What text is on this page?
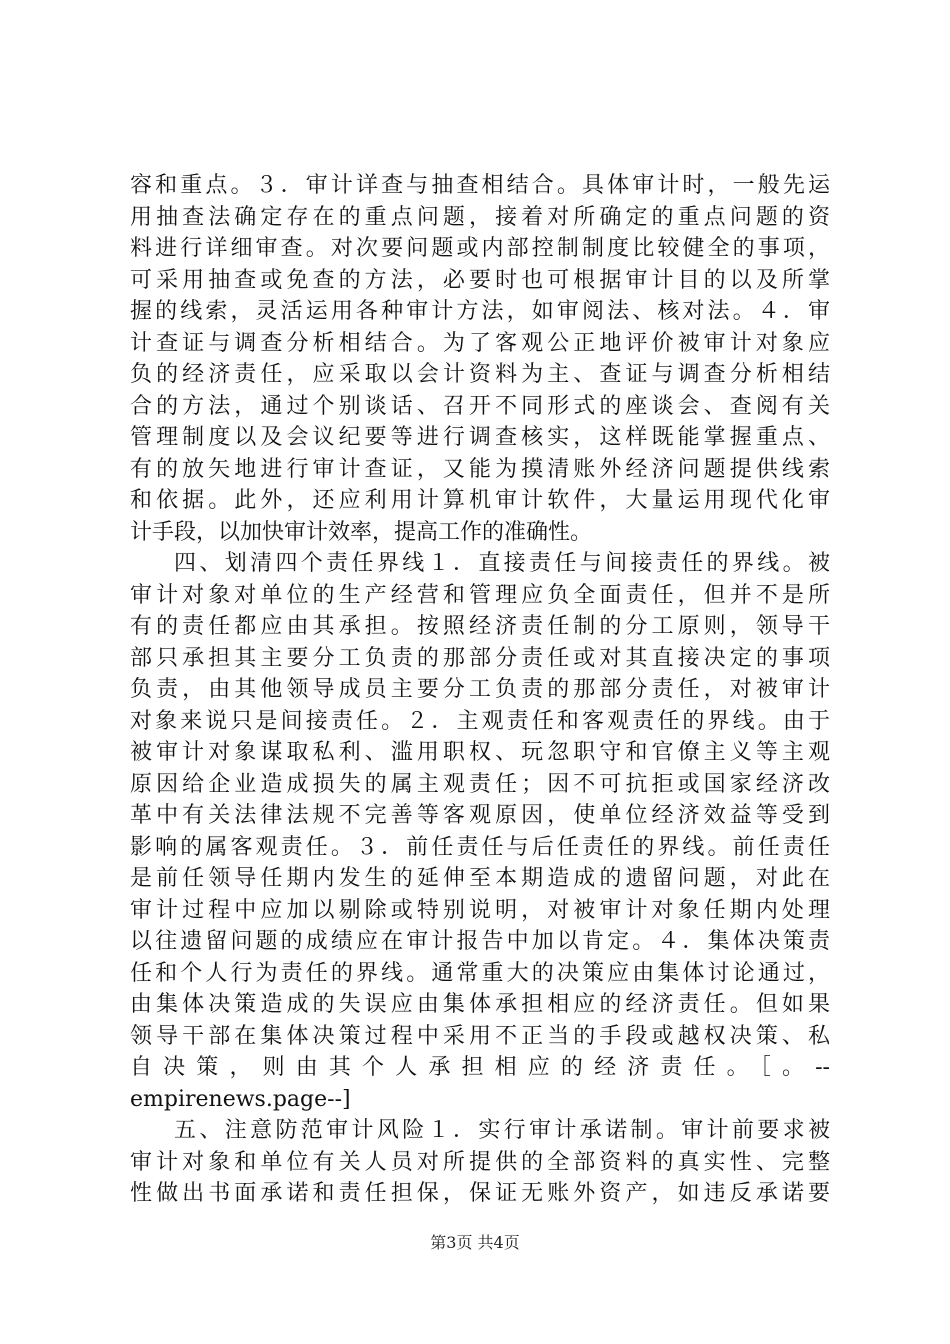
容和重点。３．审计详查与抽查相结合。具体审计时，一般先运
用抽查法确定存在的重点问题，接着对所确定的重点问题的资
料进行详细审查。对次要问题或内部控制制度比较健全的事项，
可采用抽查或免查的方法，必要时也可根据审计目的以及所掌
握的线索，灵活运用各种审计方法，如审阅法、核对法。４．审
计查证与调查分析相结合。为了客观公正地评价被审计对象应
负的经济责任，应采取以会计资料为主、查证与调查分析相结
合的方法，通过个别谈话、召开不同形式的座谈会、查阅有关
管理制度以及会议纪要等进行调查核实，这样既能掌握重点、
有的放矢地进行审计查证，又能为摸清账外经济问题提供线索
和依据。此外，还应利用计算机审计软件，大量运用现代化审
计手段，以加快审计效率，提高工作的准确性。
四、划清四个责任界线１．直接责任与间接责任的界线。被
审计对象对单位的生产经营和管理应负全面责任，但并不是所
有的责任都应由其承担。按照经济责任制的分工原则，领导干
部只承担其主要分工负责的那部分责任或对其直接决定的事项
负责，由其他领导成员主要分工负责的那部分责任，对被审计
对象来说只是间接责任。２．主观责任和客观责任的界线。由于
被审计对象谋取私利、滥用职权、玩忽职守和官僚主义等主观
原因给企业造成损失的属主观责任；因不可抗拒或国家经济改
革中有关法律法规不完善等客观原因，使单位经济效益等受到
影响的属客观责任。３．前任责任与后任责任的界线。前任责任
是前任领导任期内发生的延伸至本期造成的遗留问题，对此在
审计过程中应加以剔除或特别说明，对被审计对象任期内处理
以往遗留问题的成绩应在审计报告中加以肯定。４．集体决策责
任和个人行为责任的界线。通常重大的决策应由集体讨论通过，
由集体决策造成的失误应由集体承担相应的经济责任。但如果
领导干部在集体决策过程中采用不正当的手段或越权决策、私
自决策，则由其个人承担相应的经济责任。［。--
empirenews.page--]
五、注意防范审计风险１．实行审计承诺制。审计前要求被
审计对象和单位有关人员对所提供的全部资料的真实性、完整
性做出书面承诺和责任担保，保证无账外资产，如违反承诺要
第3页 共4页
